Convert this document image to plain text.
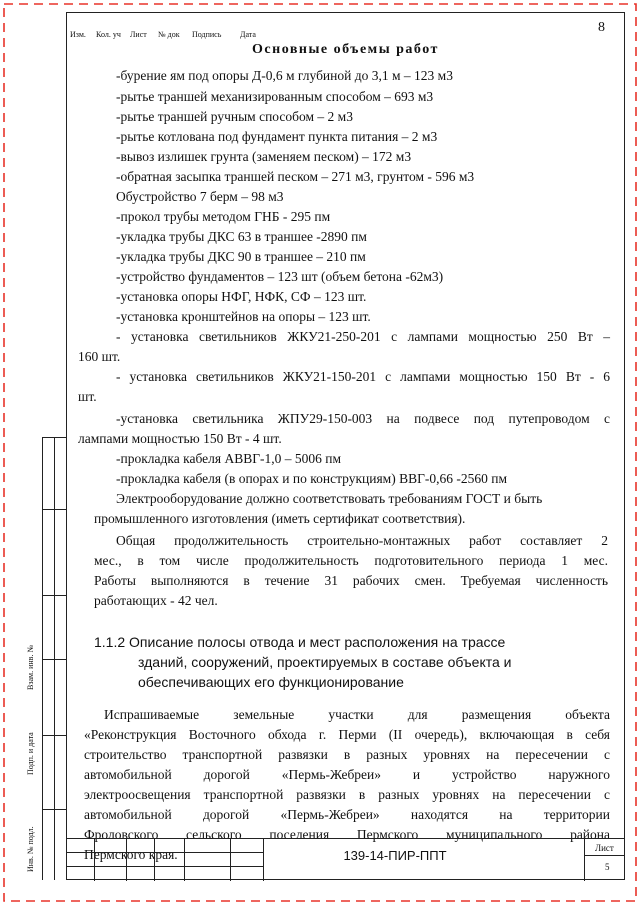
8
Основные объемы работ
-бурение ям под опоры Д-0,6 м глубиной до 3,1 м – 123 м3
-рытье траншей механизированным способом – 693 м3
-рытье траншей ручным способом – 2 м3
-рытье котлована под фундамент пункта питания – 2 м3
-вывоз излишек грунта (заменяем песком) – 172 м3
-обратная засыпка траншей песком – 271 м3, грунтом - 596 м3
Обустройство 7 берм – 98 м3
-прокол трубы методом ГНБ - 295 пм
-укладка трубы ДКС 63 в траншее -2890 пм
-укладка трубы ДКС 90 в траншее – 210 пм
-устройство фундаментов – 123 шт (объем бетона -62м3)
-установка опоры НФГ, НФК, СФ – 123 шт.
-установка кронштейнов на опоры – 123 шт.
- установка светильников ЖКУ21-250-201 с лампами мощностью 250 Вт –
160 шт.
- установка светильников ЖКУ21-150-201 с лампами мощностью 150 Вт - 6
шт.
-установка светильника ЖПУ29-150-003 на подвесе под путепроводом с
лампами мощностью 150 Вт - 4 шт.
-прокладка кабеля АВВГ-1,0 – 5006 пм
-прокладка кабеля (в опорах и по конструкциям) ВВГ-0,66 -2560 пм
Электрооборудование должно соответствовать требованиям ГОСТ и быть
промышленного изготовления (иметь сертификат соответствия).
Общая продолжительность строительно-монтажных работ составляет 2
мес., в том числе продолжительность подготовительного периода 1 мес.
Работы выполняются в течение 31 рабочих смен. Требуемая численность
работающих - 42 чел.
1.1.2 Описание полосы отвода и мест расположения на трассе
зданий, сооружений, проектируемых в составе объекта и
обеспечивающих его функционирование
Испрашиваемые земельные участки для размещения объекта
«Реконструкция Восточного обхода г. Перми (II очередь), включающая в себя
строительство транспортной развязки в разных уровнях на пересечении с
автомобильной дорогой «Пермь-Жебреи» и устройство наружного
электроосвещения транспортной развязки в разных уровнях на пересечении с
автомобильной дорогой «Пермь-Жебреи» находятся на территории
Фроловского сельского поселения Пермского муниципального района
Пермского края.
Взам. инв. №
Подп. и дата
Инв. № подл.
Изм. Кол. уч Лист № док Подпись Дата
139-14-ПИР-ППТ	Лист
5
